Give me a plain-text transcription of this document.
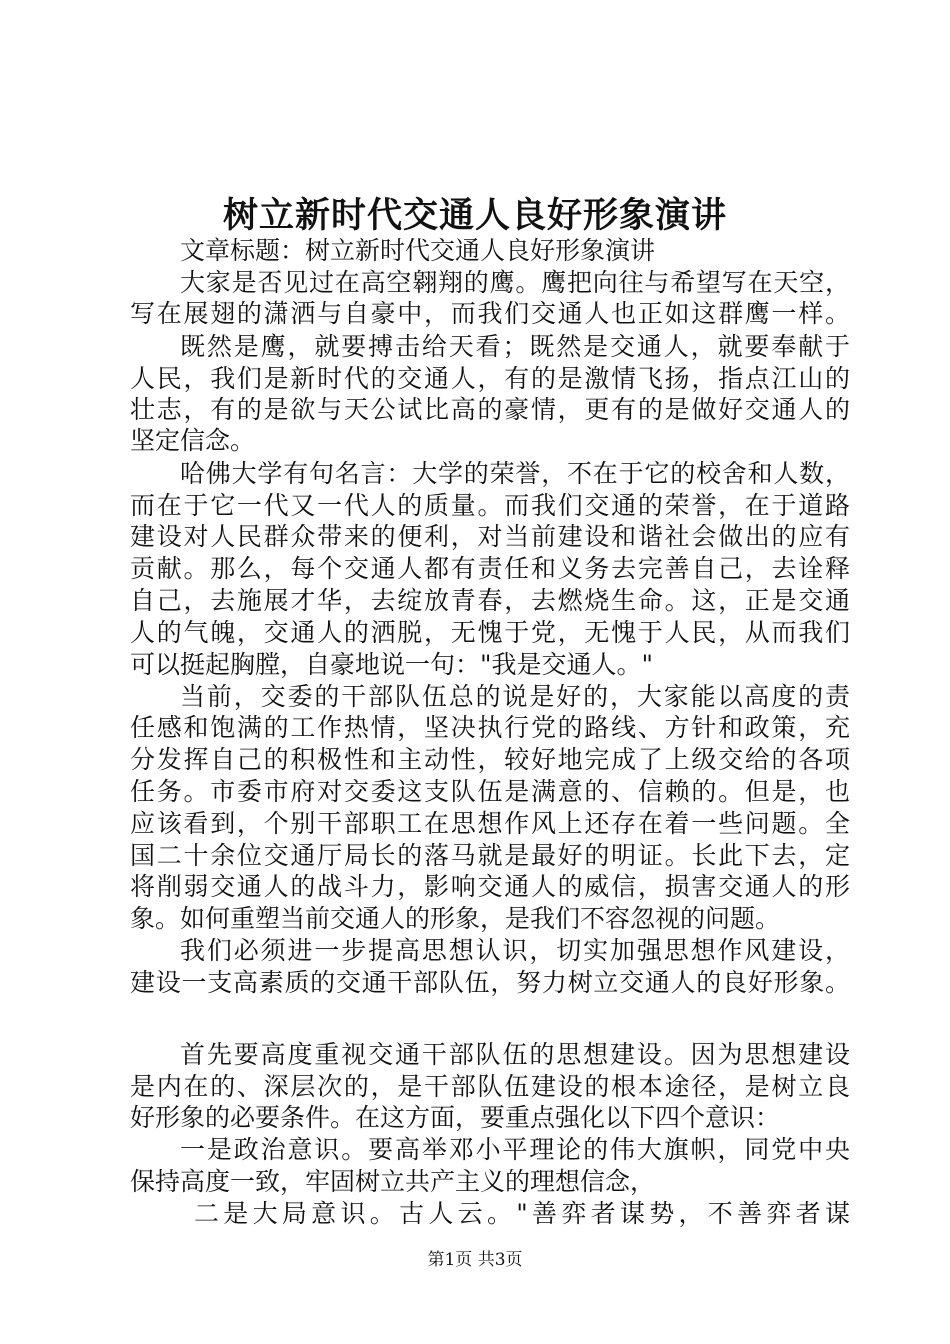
树立新时代交通人良好形象演讲

文章标题：树立新时代交通人良好形象演讲

大家是否见过在高空翱翔的鹰。鹰把向往与希望写在天空，

写在展翅的潇洒与自豪中，而我们交通人也正如这群鹰一样。

既然是鹰，就要搏击给天看；既然是交通人，就要奉献于

人民，我们是新时代的交通人，有的是激情飞扬，指点江山的

壮志，有的是欲与天公试比高的豪情，更有的是做好交通人的

坚定信念。

哈佛大学有句名言：大学的荣誉，不在于它的校舍和人数，

而在于它一代又一代人的质量。而我们交通的荣誉，在于道路

建设对人民群众带来的便利，对当前建设和谐社会做出的应有

贡献。那么，每个交通人都有责任和义务去完善自己，去诠释

自己，去施展才华，去绽放青春，去燃烧生命。这，正是交通

人的气魄，交通人的洒脱，无愧于党，无愧于人民，从而我们

可以挺起胸膛，自豪地说一句："我是交通人。"

当前，交委的干部队伍总的说是好的，大家能以高度的责

任感和饱满的工作热情，坚决执行党的路线、方针和政策，充

分发挥自己的积极性和主动性，较好地完成了上级交给的各项

任务。市委市府对交委这支队伍是满意的、信赖的。但是，也

应该看到，个别干部职工在思想作风上还存在着一些问题。全

国二十余位交通厅局长的落马就是最好的明证。长此下去，定

将削弱交通人的战斗力，影响交通人的威信，损害交通人的形

象。如何重塑当前交通人的形象，是我们不容忽视的问题。

我们必须进一步提高思想认识，切实加强思想作风建设，

建设一支高素质的交通干部队伍，努力树立交通人的良好形象。

首先要高度重视交通干部队伍的思想建设。因为思想建设

是内在的、深层次的，是干部队伍建设的根本途径，是树立良

好形象的必要条件。在这方面，要重点强化以下四个意识：

一是政治意识。要高举邓小平理论的伟大旗帜，同党中央

保持高度一致，牢固树立共产主义的理想信念，

二是大局意识。古人云。"善弈者谋势，不善弈者谋

第1页 共3页
